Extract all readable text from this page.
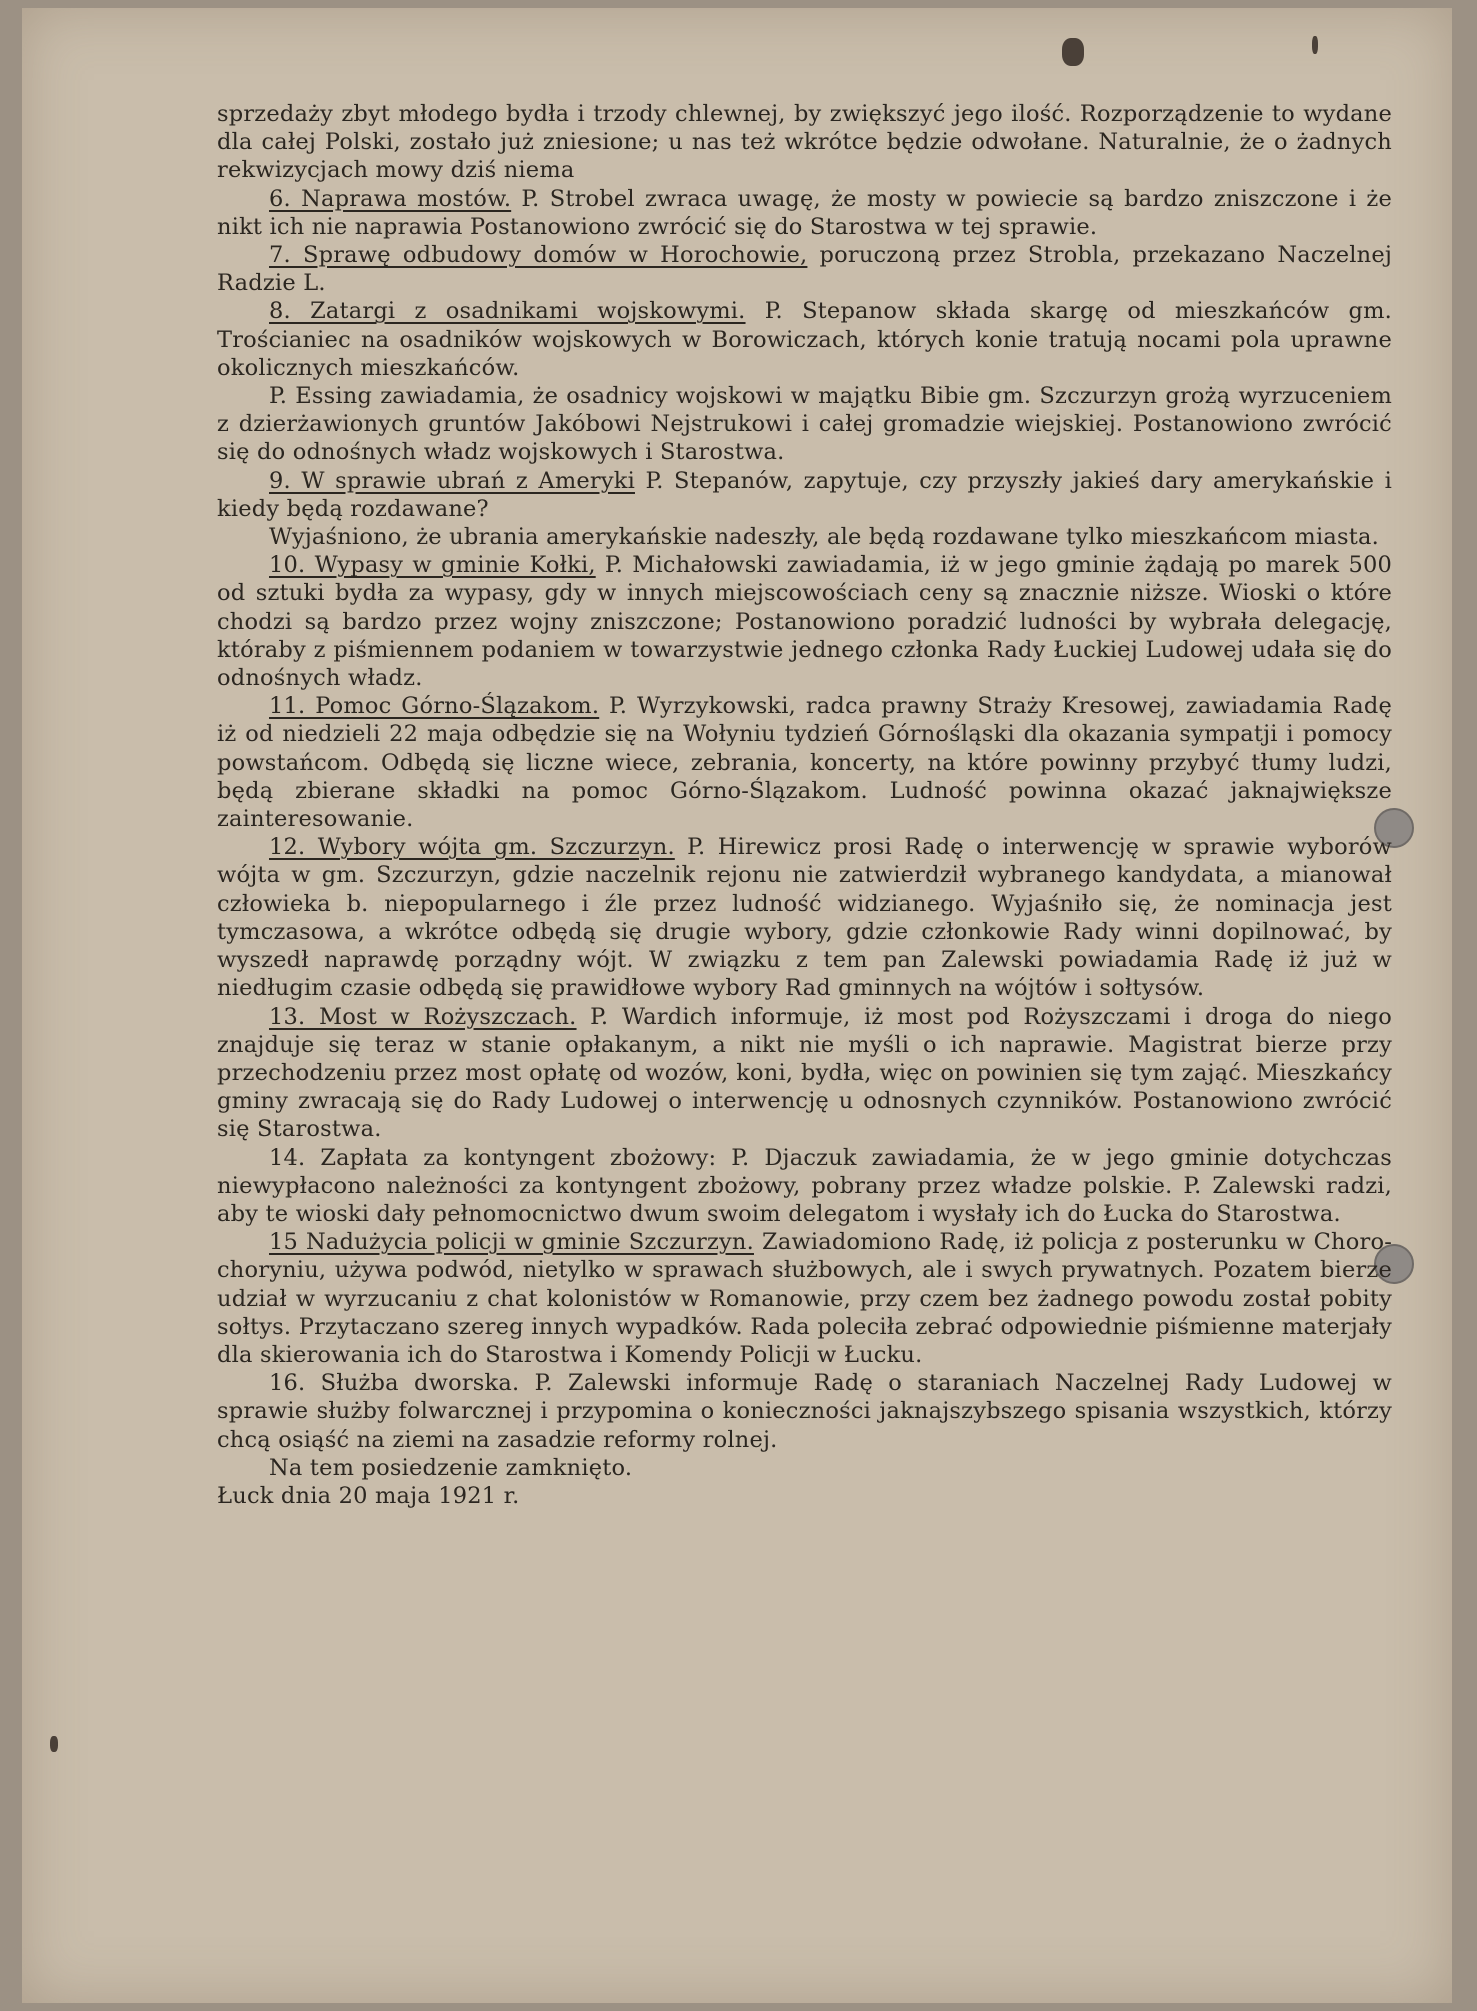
sprzedaży zbyt młodego bydła i trzody chlewnej, by zwiększyć jego ilość. Rozporządzenie to wydane dla całej Polski, zostało już zniesione; u nas też wkrótce będzie odwołane. Naturalnie, że o żadnych rekwizycjach mowy dziś niema

6. Naprawa mostów. P. Strobel zwraca uwagę, że mosty w powiecie są bardzo zniszczone i że nikt ich nie naprawia Postanowiono zwrócić się do Starostwa w tej sprawie.

7. Sprawę odbudowy domów w Horochowie, poruczoną przez Strobla, przekazano Naczelnej Radzie L.

8. Zatargi z osadnikami wojskowymi. P. Stepanow składa skargę od mieszkańców gm. Trościaniec na osadników wojskowych w Borowiczach, których konie tratują nocami pola uprawne okolicznych mieszkańców.

P. Essing zawiadamia, że osadnicy wojskowi w majątku Bibie gm. Szczurzyn grożą wyrzuceniem z dzierżawionych gruntów Jakóbowi Nejstrukowi i całej gromadzie wiejskiej. Postanowiono zwrócić się do odnośnych władz wojskowych i Starostwa.

9. W sprawie ubrań z Ameryki P. Stepanów, zapytuje, czy przyszły jakieś dary amerykańskie i kiedy będą rozdawane?

Wyjaśniono, że ubrania amerykańskie nadeszły, ale będą rozdawane tylko mieszkańcom miasta.

10. Wypasy w gminie Kołki, P. Michałowski zawiadamia, iż w jego gminie żądają po marek 500 od sztuki bydła za wypasy, gdy w innych miejscowościach ceny są znacznie niższe. Wioski o które chodzi są bardzo przez wojny zniszczone; Postanowiono poradzić ludności by wybrała delegację, któraby z piśmiennem podaniem w towarzystwie jednego członka Rady Łuckiej Ludowej udała się do odnośnych władz.

11. Pomoc Górno-Ślązakom. P. Wyrzykowski, radca prawny Straży Kresowej, zawiadamia Radę iż od niedzieli 22 maja odbędzie się na Wołyniu tydzień Górnośląski dla okazania sympatji i pomocy powstańcom. Odbędą się liczne wiece, zebrania, koncerty, na które powinny przybyć tłumy ludzi, będą zbierane składki na pomoc Górno-Ślązakom. Ludność powinna okazać jaknajwiększe zainteresowanie.

12. Wybory wójta gm. Szczurzyn. P. Hirewicz prosi Radę o interwencję w sprawie wyborów wójta w gm. Szczurzyn, gdzie naczelnik rejonu nie zatwierdził wybranego kandydata, a mianował człowieka b. niepopularnego i źle przez ludność widzianego. Wyjaśniło się, że nominacja jest tymczasowa, a wkrótce odbędą się drugie wybory, gdzie członkowie Rady winni dopilnować, by wyszedł naprawdę porządny wójt. W związku z tem pan Zalewski powiadamia Radę iż już w niedługim czasie odbędą się prawidłowe wybory Rad gminnych na wójtów i sołtysów.

13. Most w Rożyszczach. P. Wardich informuje, iż most pod Rożyszczami i droga do niego znajduje się teraz w stanie opłakanym, a nikt nie myśli o ich naprawie. Magistrat bierze przy przechodzeniu przez most opłatę od wozów, koni, bydła, więc on powinien się tym zająć. Mieszkańcy gminy zwracają się do Rady Ludowej o interwencję u odnosnych czynników. Postanowiono zwrócić się Starostwa.

14. Zapłata za kontyngent zbożowy: P. Djaczuk zawiadamia, że w jego gminie dotychczas niewypłacono należności za kontyngent zbożowy, pobrany przez władze polskie. P. Zalewski radzi, aby te wioski dały pełnomocnictwo dwum swoim delegatom i wysłały ich do Łucka do Starostwa.

15 Nadużycia policji w gminie Szczurzyn. Zawiadomiono Radę, iż policja z posterunku w Choro-choryniu, używa podwód, nietylko w sprawach służbowych, ale i swych prywatnych. Pozatem bierze udział w wyrzucaniu z chat kolonistów w Romanowie, przy czem bez żadnego powodu został pobity sołtys. Przytaczano szereg innych wypadków. Rada poleciła zebrać odpowiednie piśmienne materjały dla skierowania ich do Starostwa i Komendy Policji w Łucku.

16. Służba dworska. P. Zalewski informuje Radę o staraniach Naczelnej Rady Ludowej w sprawie służby folwarcznej i przypomina o konieczności jaknajszybszego spisania wszystkich, którzy chcą osiąść na ziemi na zasadzie reformy rolnej.

Na tem posiedzenie zamknięto.

Łuck dnia 20 maja 1921 r.
